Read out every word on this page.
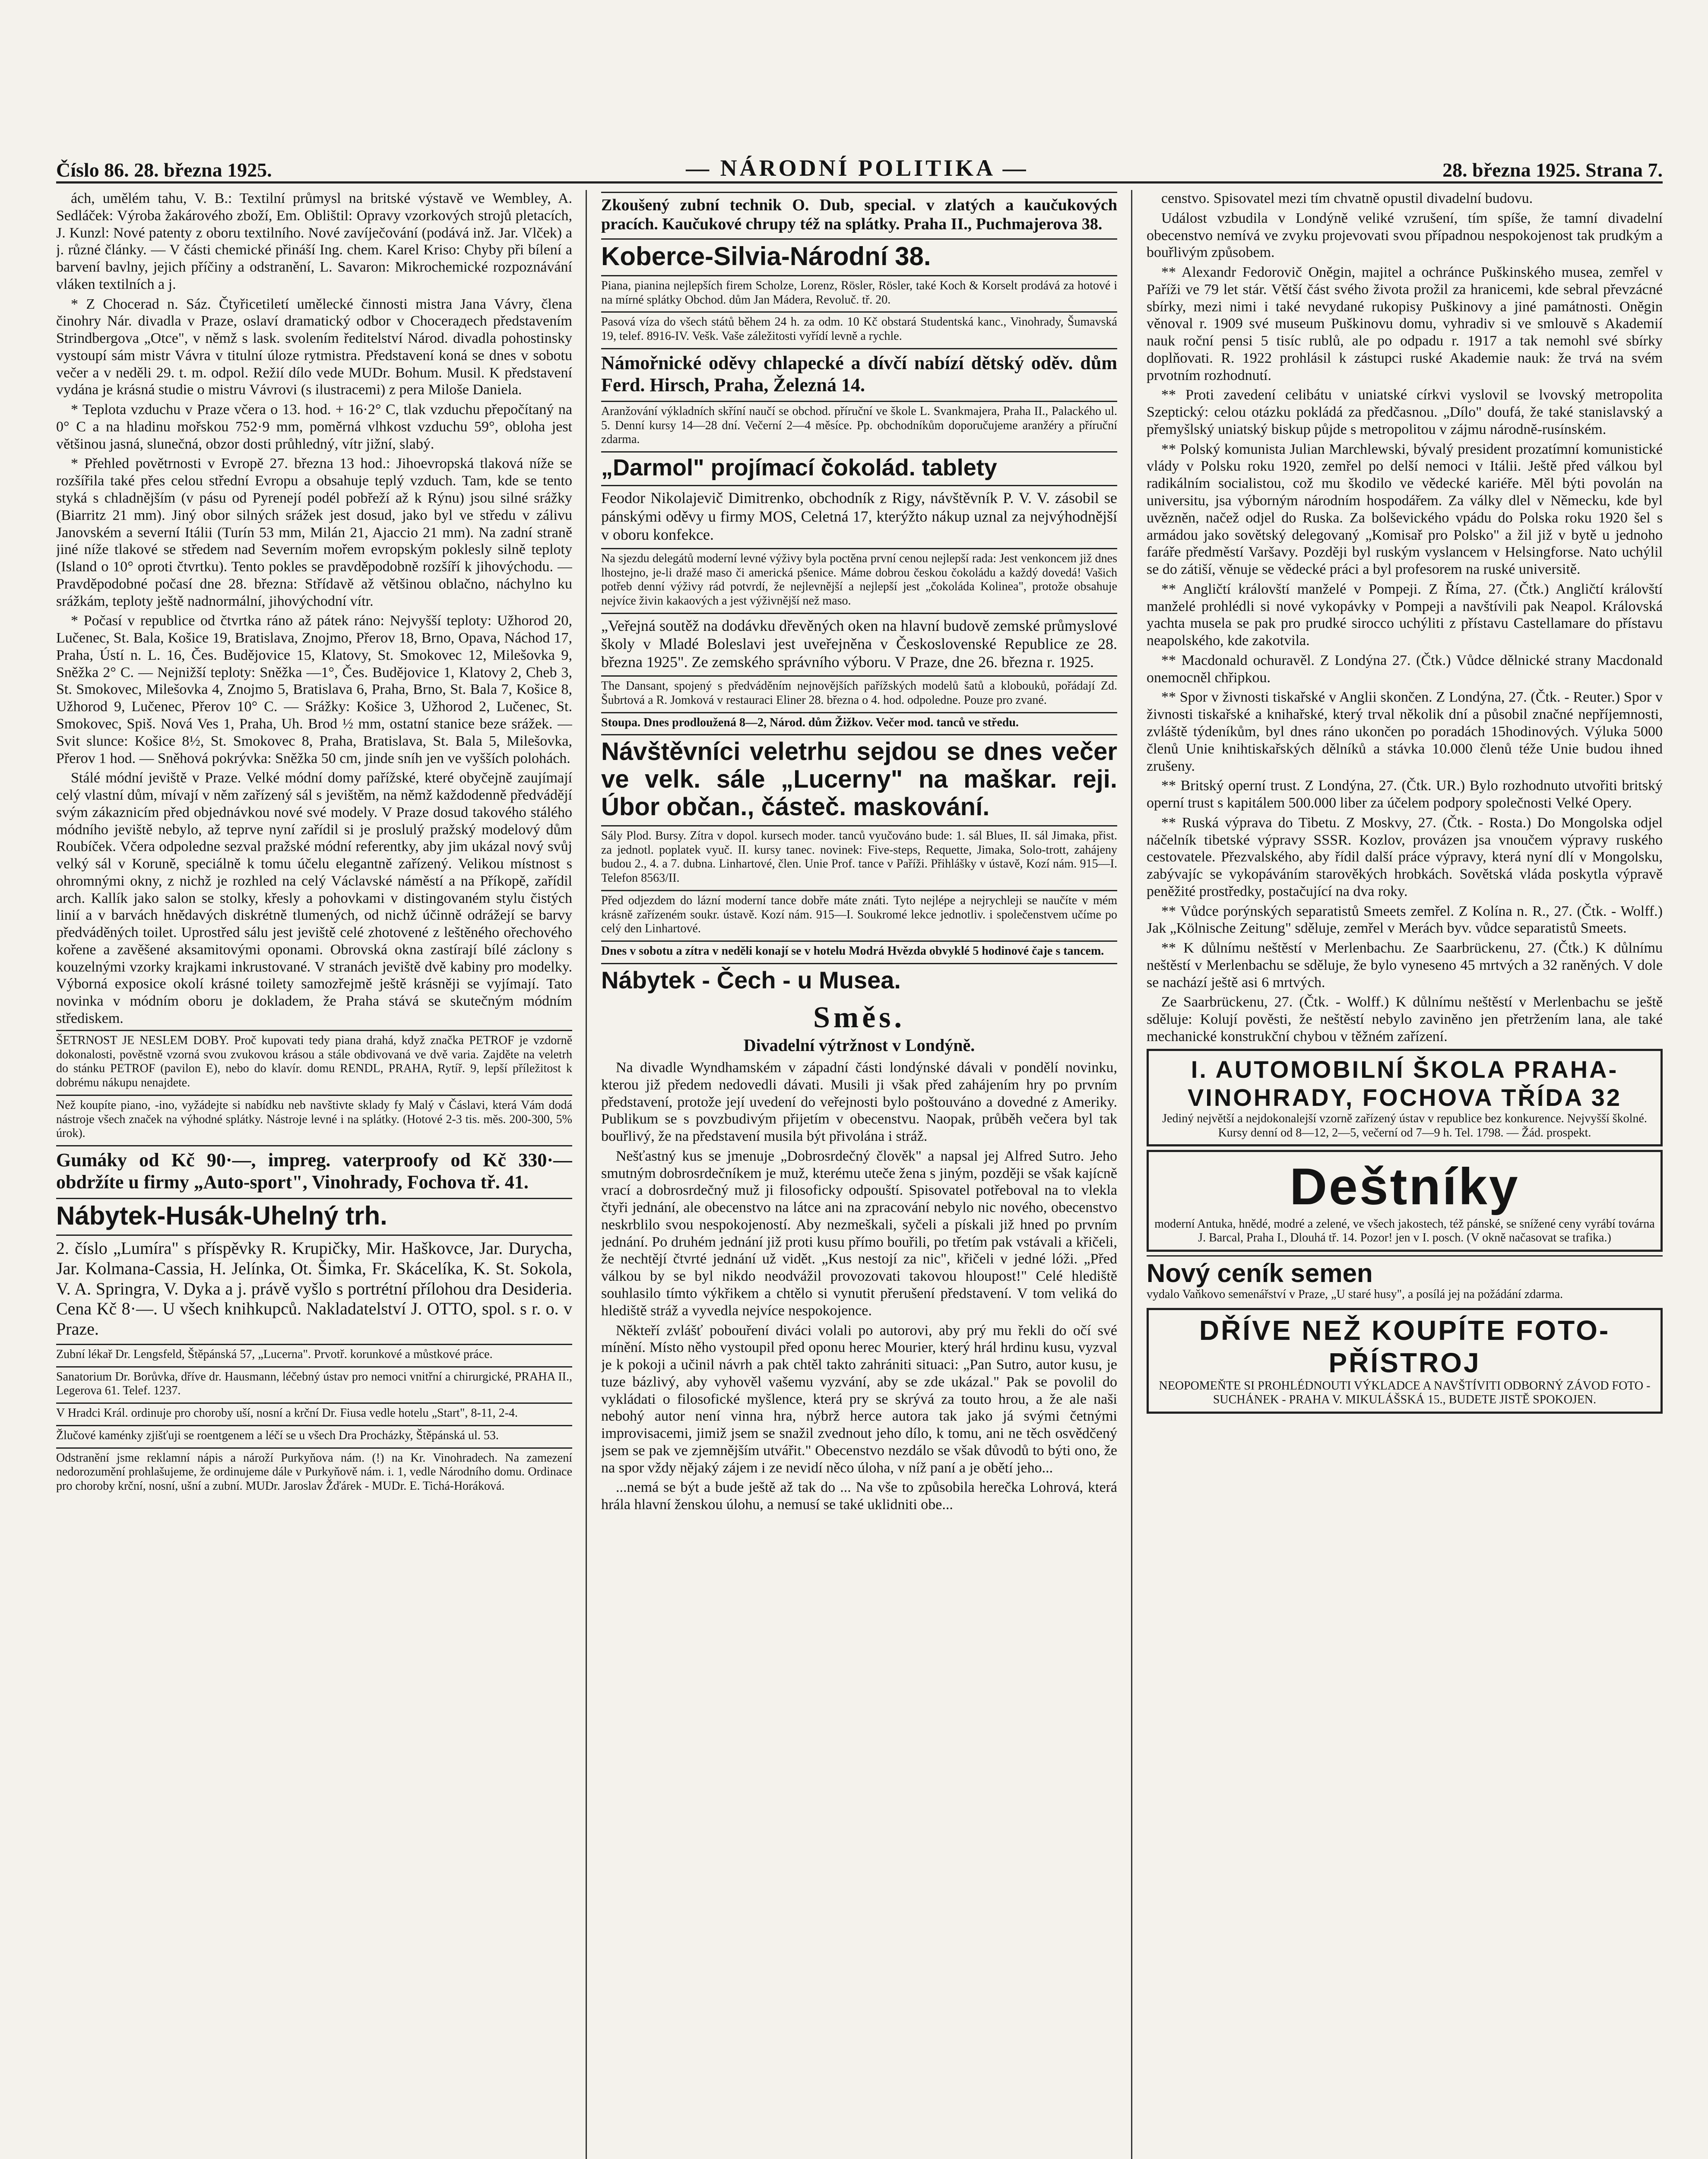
Číslo 86. 28. března 1925.	— NÁRODNÍ POLITIKA —	28. března 1925. Strana 7.

ách, umělém tahu, V. B.: Textilní průmysl na britské výstavě ve Wembley, A. Sedláček: Výroba žakárového zboží, Em. Oblištil: Opravy vzorkových strojů pletacích, J. Kunzl: Nové patenty z oboru textilního. Nové zavíječování (podává inž. Jar. Vlček) a j. různé články. — V části chemické přináší Ing. chem. Karel Kriso: Chyby při bílení a barvení bavlny, jejich příčiny a odstranění, L. Savaron: Mikrochemické rozpoznávání vláken textilních a j.

* Z Chocerad n. Sáz. Čtyřicetiletí umělecké činnosti mistra Jana Vávry, člena činohry Nár. divadla v Praze, oslaví dramatický odbor v Chocerадech představením Strindbergova „Otce", v němž s lask. svolením ředitelství Národ. divadla pohostinsky vystoupí sám mistr Vávra v titulní úloze rytmistra. Představení koná se dnes v sobotu večer a v neděli 29. t. m. odpol. Režií dílo vede MUDr. Bohum. Musil. K představení vydána je krásná studie o mistru Vávrovi (s ilustracemi) z pera Miloše Daniela.

* Teplota vzduchu v Praze včera o 13. hod. + 16·2° C, tlak vzduchu přepočítaný na 0° C a na hladinu mořskou 752·9 mm, poměrná vlhkost vzduchu 59°, obloha jest většinou jasná, slunečná, obzor dosti průhledný, vítr jižní, slabý.

* Přehled povětrnosti v Evropě 27. března 13 hod.: Jihoevropská tlaková níže se rozšířila také přes celou střední Evropu a obsahuje teplý vzduch. Tam, kde se tento styká s chladnějším (v pásu od Pyrenejí podél pobřeží až k Rýnu) jsou silné srážky (Biarritz 21 mm). Jiný obor silných srážek jest dosud, jako byl ve středu v zálivu Janovském a severní Itálii (Turín 53 mm, Milán 21, Ajaccio 21 mm). Na zadní straně jiné níže tlakové se středem nad Severním mořem evropským poklesly silně teploty (Island o 10° oproti čtvrtku). Tento pokles se pravděpodobně rozšíří k jihovýchodu. — Pravděpodobné počasí dne 28. března: Střídavě až většinou oblačno, náchylno ku srážkám, teploty ještě nadnormální, jihovýchodní vítr.

* Počasí v republice od čtvrtka ráno až pátek ráno: Nejvyšší teploty: Užhorod 20, Lučenec, St. Bala, Košice 19, Bratislava, Znojmo, Přerov 18, Brno, Opava, Náchod 17, Praha, Ústí n. L. 16, Čes. Budějovice 15, Klatovy, St. Smokovec 12, Milešovka 9, Sněžka 2° C. — Nejnižší teploty: Sněžka —1°, Čes. Budějovice 1, Klatovy 2, Cheb 3, St. Smokovec, Milešovka 4, Znojmo 5, Bratislava 6, Praha, Brno, St. Bala 7, Košice 8, Užhorod 9, Lučenec, Přerov 10° C. — Srážky: Košice 3, Užhorod 2, Lučenec, St. Smokovec, Spiš. Nová Ves 1, Praha, Uh. Brod ½ mm, ostatní stanice beze srážek. — Svit slunce: Košice 8½, St. Smokovec 8, Praha, Bratislava, St. Bala 5, Milešovka, Přerov 1 hod. — Sněhová pokrývka: Sněžka 50 cm, jinde sníh jen ve vyšších polohách.

Stálé módní jeviště v Praze. Velké módní domy pařížské, které obyčejně zaujímají celý vlastní dům, mívají v něm zařízený sál s jevištěm, na němž každodenně předvádějí svým zákaznicím před objednávkou nové své modely. V Praze dosud takového stálého módního jeviště nebylo, až teprve nyní zařídil si je proslulý pražský modelový dům Roubíček. Včera odpoledne sezval pražské módní referentky, aby jim ukázal nový svůj velký sál v Koruně, speciálně k tomu účelu elegantně zařízený. Velikou místnost s ohromnými okny, z nichž je rozhled na celý Václavské náměstí a na Příkopě, zařídil arch. Kallík jako salon se stolky, křesly a pohovkami v distingovaném stylu čistých linií a v barvách hnědavých diskrétně tlumených, od nichž účinně odrážejí se barvy předváděných toilet. Uprostřed sálu jest jeviště celé zhotovené z leštěného ořechového kořene a zavěšené aksamitovými oponami. Obrovská okna zastírají bílé záclony s kouzelnými vzorky krajkami inkrustované. V stranách jeviště dvě kabiny pro modelky. Výborná exposice okolí krásné toilety samozřejmě ještě krásněji se vyjímají. Tato novinka v módním oboru je dokladem, že Praha stává se skutečným módním střediskem.

ŠETRNOST JE NESLEM DOBY. Proč kupovati tedy piana drahá, když značka PETROF je vzdorně dokonalosti, pověstně vzorná svou zvukovou krásou a stále obdivovaná ve dvě varia. Zajděte na veletrh do stánku PETROF (pavilon E), nebo do klavír. domu RENDL, PRAHA, Rytíř. 9, lepší příležitost k dobrému nákupu nenajdete.
Než koupíte piano, -ino, vyžádejte si nabídku neb navštivte sklady fy Malý v Čáslavi, která Vám dodá nástroje všech značek na výhodné splátky. Nástroje levné i na splátky. (Hotové 2-3 tis. měs. 200-300, 5% úrok).
Gumáky od Kč 90·—, impreg. vaterproofy od Kč 330·— obdržíte u firmy „Auto-sport", Vinohrady, Fochova tř. 41.
Nábytek-Husák-Uhelný trh.
2. číslo „Lumíra" s příspěvky R. Krupičky, Mir. Haškovce, Jar. Durycha, Jar. Kolmana-Cassia, H. Jelínka, Ot. Šimka, Fr. Skácelíka, K. St. Sokola, V. A. Springra, V. Dyka a j. právě vyšlo s portrétní přílohou dra Desideria. Cena Kč 8·—. U všech knihkupců. Nakladatelství J. OTTO, spol. s r. o. v Praze.
Zubní lékař Dr. Lengsfeld, Štěpánská 57, „Lucerna". Prvotř. korunkové a můstkové práce.
Sanatorium Dr. Borůvka, dříve dr. Hausmann, léčebný ústav pro nemoci vnitřní a chirurgické, PRAHA II., Legerova 61. Telef. 1237.
V Hradci Král. ordinuje pro choroby uší, nosní a krční Dr. Fiusa vedle hotelu „Start", 8-11, 2-4.
Žlučové kaménky zjišťuji se roentgenem a léčí se u všech Dra Procházky, Štěpánská ul. 53.
Odstranění jsme reklamní nápis a nároží Purkyňova nám. (!) na Kr. Vinohradech. Na zamezení nedorozumění prohlašujeme, že ordinujeme dále v Purkyňově nám. i. 1, vedle Národního domu. Ordinace pro choroby krční, nosní, ušní a zubní. MUDr. Jaroslav Žďárek - MUDr. E. Tichá-Horáková.
Zkoušený zubní technik O. Dub, special. v zlatých a kaučukových pracích. Kaučukové chrupy též na splátky. Praha II., Puchmajerova 38.
Koberce-Silvia-Národní 38.
Piana, pianina nejlepších firem Scholze, Lorenz, Rösler, Rösler, také Koch & Korselt prodává za hotové i na mírné splátky Obchod. dům Jan Mádera, Revoluč. tř. 20.
Pasová víza do všech států během 24 h. za odm. 10 Kč obstará Studentská kanc., Vinohrady, Šumavská 19, telef. 8916-IV. Vešk. Vaše záležitosti vyřídí levně a rychle.
Námořnické oděvy chlapecké a dívčí nabízí dětský oděv. dům Ferd. Hirsch, Praha, Železná 14.
Aranžování výkladních skříní naučí se obchod. příruční ve škole L. Svankmajera, Praha II., Palackého ul. 5. Denní kursy 14—28 dní. Večerní 2—4 měsíce. Pp. obchodníkům doporučujeme aranžéry a příruční zdarma.
„Darmol" projímací čokolád. tablety
Feodor Nikolajevič Dimitrenko, obchodník z Rigy, návštěvník P. V. V. zásobil se pánskými oděvy u firmy MOS, Celetná 17, kterýžto nákup uznal za nejvýhodnější v oboru konfekce.
Na sjezdu delegátů moderní levné výživy byla poctěna první cenou nejlepší rada: Jest venkoncem již dnes lhostejno, je-li dražé maso či americká pšenice. Máme dobrou českou čokoládu a každý dovedá! Vašich potřeb denní výživy rád potvrdí, že nejlevnější a nejlepší jest „čokoláda Kolinea", protože obsahuje nejvíce živin kakaových a jest výživnější než maso.
„Veřejná soutěž na dodávku dřevěných oken na hlavní budově zemské průmyslové školy v Mladé Boleslavi jest uveřejněna v Československé Republice ze 28. března 1925". Ze zemského správního výboru. V Praze, dne 26. března r. 1925.
The Dansant, spojený s předváděním nejnovějších pařížských modelů šatů a klobouků, pořádají Zd. Šubrtová a R. Jomková v restauraci Eliner 28. března o 4. hod. odpoledne. Pouze pro zvané.
Stoupa. Dnes prodloužená 8—2, Národ. dům Žižkov. Večer mod. tanců ve středu.
Návštěvníci veletrhu sejdou se dnes večer ve velk. sále „Lucerny" na maškar. reji. Úbor občan., částeč. maskování.
Sály Plod. Bursy. Zítra v dopol. kursech moder. tanců vyučováno bude: 1. sál Blues, II. sál Jimaka, přist. za jednotl. poplatek vyuč. II. kursy tanec. novinek: Five-steps, Requette, Jimaka, Solo-trott, zahájeny budou 2., 4. a 7. dubna. Linhartové, člen. Unie Prof. tance v Paříži. Přihlášky v ústavě, Kozí nám. 915—I. Telefon 8563/II.
Před odjezdem do lázní moderní tance dobře máte znáti. Tyto nejlépe a nejrychleji se naučíte v mém krásně zařízeném soukr. ústavě. Kozí nám. 915—I. Soukromé lekce jednotliv. i společenstvem učíme po celý den Linhartové.
Dnes v sobotu a zítra v neděli konají se v hotelu Modrá Hvězda obvyklé 5 hodinové čaje s tancem.
Nábytek - Čech - u Musea.
Směs.
Divadelní výtržnost v Londýně.

Na divadle Wyndhamském v západní části londýnské dávali v pondělí novinku, kterou již předem nedovedli dávati. Musili ji však před zahájením hry po prvním představení, protože její uvedení do veřejnosti bylo poštouváno a dovedné z Ameriky. Publikum se s povzbudivým přijetím v obecenstvu. Naopak, průběh večera byl tak bouřlivý, že na představení musila být přivolána i stráž.

Nešťastný kus se jmenuje „Dobrosrdečný člověk" a napsal jej Alfred Sutro. Jeho smutným dobrosrdečníkem je muž, kterému uteče žena s jiným, později se však kajícně vrací a dobrosrdečný muž ji filosoficky odpouští. Spisovatel potřeboval na to vlekla čtyři jednání, ale obecenstvo na látce ani na zpracování nebylo nic nového, obecenstvo neskrblilo svou nespokojeností. Aby nezmeškali, syčeli a pískali již hned po prvním jednání. Po druhém jednání již proti kusu přímo bouřili, po třetím pak vstávali a křičeli, že nechtějí čtvrté jednání už vidět. „Kus nestojí za nic", křičeli v jedné lóži. „Před válkou by se byl nikdo neodvážil provozovati takovou hloupost!" Celé hlediště souhlasilo tímto výkřikem a chtělo si vynutit přerušení představení. V tom veliká do hlediště stráž a vyvedla nejvíce nespokojence.

Někteří zvlášť pobouření diváci volali po autorovi, aby prý mu řekli do očí své mínění. Místo něho vystoupil před oponu herec Mourier, který hrál hrdinu kusu, vyzval je k pokoji a učinil návrh a pak chtěl takto zahrániti situaci: „Pan Sutro, autor kusu, je tuze bázlivý, aby vyhověl vašemu vyzvání, aby se zde ukázal." Pak se povolil do vykládati o filosofické myšlence, která pry se skrývá za touto hrou, a že ale naši nebohý autor není vinna hra, nýbrž herce autora tak jako já svými četnými improvisacemi, jimiž jsem se snažil zvednout jeho dílo, k tomu, ani ne těch osvědčený jsem se pak ve zjemnějším utvářit." Obecenstvo nezdálo se však důvodů to býti ono, že na spor vždy nějaký zájem i ze nevidí něco úloha, v níž paní a je obětí jeho...

...nemá se být a bude ještě až tak do ... Na vše to způsobila herečka Lohrová, která hrála hlavní ženskou úlohu, a nemusí se také uklidniti obe...

censtvo. Spisovatel mezi tím chvatně opustil divadelní budovu.

Událost vzbudila v Londýně veliké vzrušení, tím spíše, že tamní divadelní obecenstvo nemívá ve zvyku projevovati svou případnou nespokojenost tak prudkým a bouřlivým způsobem.

** Alexandr Fedorovič Oněgin, majitel a ochránce Puškinského musea, zemřel v Paříži ve 79 let stár. Větší část svého života prožil za hranicemi, kde sebral převzácné sbírky, mezi nimi i také nevydané rukopisy Puškinovy a jiné památnosti. Oněgin věnoval r. 1909 své museum Puškinovu domu, vyhradiv si ve smlouvě s Akademií nauk roční pensi 5 tisíc rublů, ale po odpadu r. 1917 a tak nemohl své sbírky doplňovati. R. 1922 prohlásil k zástupci ruské Akademie nauk: že trvá na svém prvotním rozhodnutí.

** Proti zavedení celibátu v uniatské církvi vyslovil se lvovský metropolita Szeptický: celou otázku pokládá za předčasnou. „Dílo" doufá, že také stanislavský a přemyšlský uniatský biskup půjde s metropolitou v zájmu národně-rusínském.

** Polský komunista Julian Marchlewski, bývalý president prozatímní komunistické vlády v Polsku roku 1920, zemřel po delší nemoci v Itálii. Ještě před válkou byl radikálním socialistou, což mu škodilo ve vědecké kariéře. Měl býti povolán na universitu, jsa výborným národním hospodářem. Za války dlel v Německu, kde byl uvězněn, načež odjel do Ruska. Za bolševického vpádu do Polska roku 1920 šel s armádou jako sovětský delegovaný „Komisař pro Polsko" a žil již v bytě u jednoho faráře předměstí Varšavy. Později byl ruským vyslancem v Helsingforse. Nato uchýlil se do zátiší, věnuje se vědecké práci a byl profesorem na ruské universitě.

** Angličtí královští manželé v Pompeji. Z Říma, 27. (Čtk.) Angličtí královští manželé prohlédli si nové vykopávky v Pompeji a navštívili pak Neapol. Královská yachta musela se pak pro prudké sirocco uchýliti z přístavu Castellamare do přístavu neapolského, kde zakotvila.

** Macdonald ochuravěl. Z Londýna 27. (Čtk.) Vůdce dělnické strany Macdonald onemocněl chřipkou.

** Spor v živnosti tiskařské v Anglii skončen. Z Londýna, 27. (Čtk. - Reuter.) Spor v živnosti tiskařské a knihařské, který trval několik dní a působil značné nepříjemnosti, zvláště týdeníkům, byl dnes ráno ukončen po poradách 15hodinových. Výluka 5000 členů Unie knihtiskařských dělníků a stávka 10.000 členů téže Unie budou ihned zrušeny.

** Britský operní trust. Z Londýna, 27. (Čtk. UR.) Bylo rozhodnuto utvořiti britský operní trust s kapitálem 500.000 liber za účelem podpory společnosti Velké Opery.

** Ruská výprava do Tibetu. Z Moskvy, 27. (Čtk. - Rosta.) Do Mongolska odjel náčelník tibetské výpravy SSSR. Kozlov, provázen jsa vnoučem výpravy ruského cestovatele. Přezvalského, aby řídil další práce výpravy, která nyní dlí v Mongolsku, zabývajíc se vykopáváním starověkých hrobkách. Sovětská vláda poskytla výpravě peněžité prostředky, postačující na dva roky.

** Vůdce porýnských separatistů Smeets zemřel. Z Kolína n. R., 27. (Čtk. - Wolff.) Jak „Kölnische Zeitung" sděluje, zemřel v Merách byv. vůdce separatistů Smeets.

** K důlnímu neštěstí v Merlenbachu. Ze Saarbrückenu, 27. (Čtk.) K důlnímu neštěstí v Merlenbachu se sděluje, že bylo vyneseno 45 mrtvých a 32 raněných. V dole se nachází ještě asi 6 mrtvých.

Ze Saarbrückenu, 27. (Čtk. - Wolff.) K důlnímu neštěstí v Merlenbachu se ještě sděluje: Kolují pověsti, že neštěstí nebylo zaviněno jen přetržením lana, ale také mechanické konstrukční chybou v těžném zařízení.

I. AUTOMOBILNÍ ŠKOLA PRAHA-VINOHRADY, FOCHOVA TŘÍDA 32
Jediný největší a nejdokonalejší vzorně zařízený ústav v republice bez konkurence. Nejvyšší školné. Kursy denní od 8—12, 2—5, večerní od 7—9 h. Tel. 1798. — Žád. prospekt.
Deštníky
moderní Antuka, hnědé, modré a zelené, ve všech jakostech, též pánské, se snížené ceny vyrábí továrna J. Barcal, Praha I., Dlouhá tř. 14. Pozor! jen v I. posch. (V okně načasovat se trafika.)
Nový ceník semen
vydalo Vaňkovo semenářství v Praze, „U staré husy", a posílá jej na požádání zdarma.
DŘÍVE NEŽ KOUPÍTE FOTO-PŘÍSTROJ
NEOPOMEŇTE SI PROHLÉDNOUTI VÝKLADCE A NAVŠTÍVITI ODBORNÝ ZÁVOD FOTO - SUCHÁNEK - PRAHA V. MIKULÁŠSKÁ 15., BUDETE JISTĚ SPOKOJEN.
